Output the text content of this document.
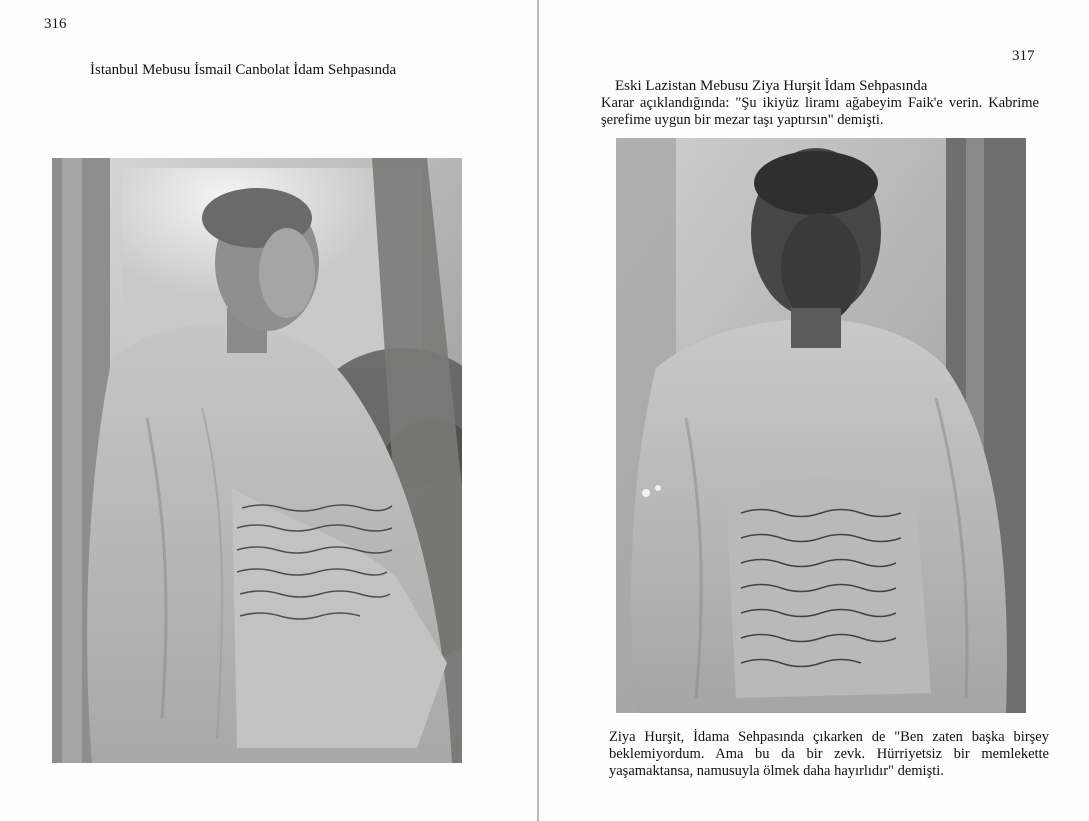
316
İstanbul Mebusu İsmail Canbolat İdam Sehpasında
317
Eski Lazistan Mebusu Ziya Hurşit İdam Sehpasında
Karar açıklandığında: "Şu ikiyüz liramı ağabeyim Faik'e verin. Kabrime şerefime uygun bir mezar taşı yaptırsın" demişti.
Ziya Hurşit, İdama Sehpasında çıkarken de "Ben zaten başka birşey beklemiyordum. Ama bu da bir zevk. Hürriyetsiz bir memlekette yaşamaktansa, namusuyla ölmek daha hayırlıdır" demişti.
